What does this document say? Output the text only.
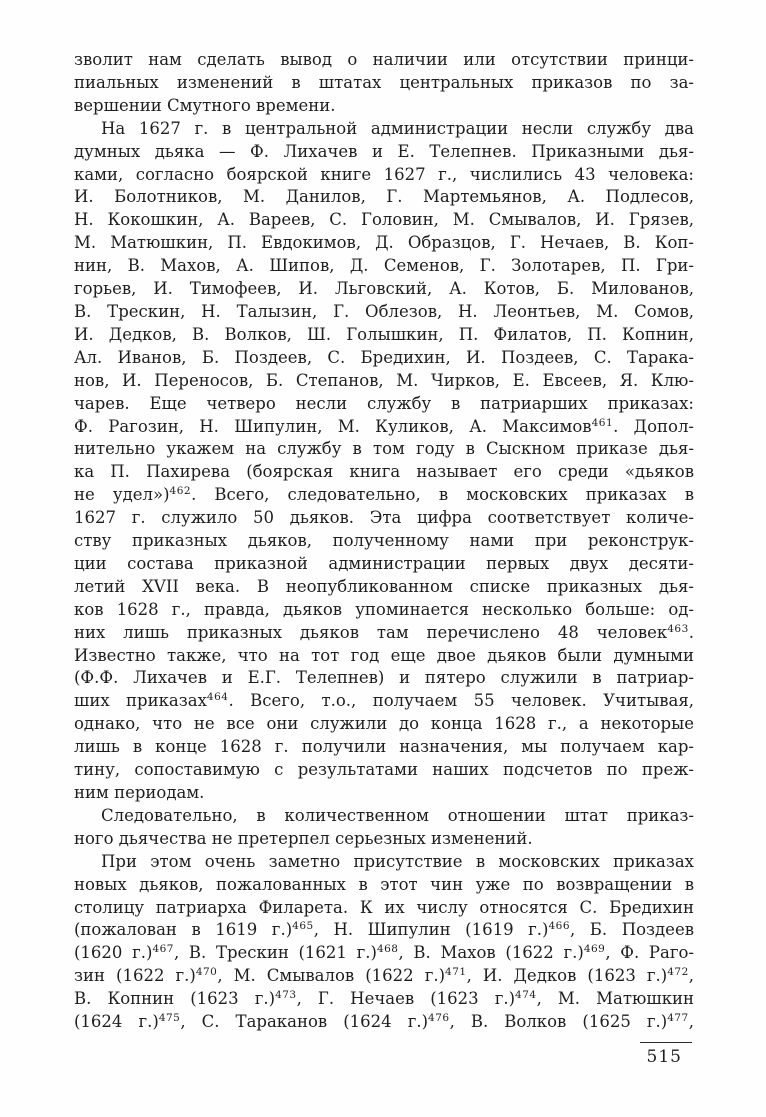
зволит нам сделать вывод о наличии или отсутствии принци-
пиальных изменений в штатах центральных приказов по за-
вершении Смутного времени.
На 1627 г. в центральной администрации несли службу два
думных дьяка — Ф. Лихачев и Е. Телепнев. Приказными дья-
ками, согласно боярской книге 1627 г., числились 43 человека:
И. Болотников, М. Данилов, Г. Мартемьянов, А. Подлесов,
Н. Кокошкин, А. Вареев, С. Головин, М. Смывалов, И. Грязев,
М. Матюшкин, П. Евдокимов, Д. Образцов, Г. Нечаев, В. Коп-
нин, В. Махов, А. Шипов, Д. Семенов, Г. Золотарев, П. Гри-
горьев, И. Тимофеев, И. Льговский, А. Котов, Б. Милованов,
В. Трескин, Н. Талызин, Г. Облезов, Н. Леонтьев, М. Сомов,
И. Дедков, В. Волков, Ш. Голышкин, П. Филатов, П. Копнин,
Ал. Иванов, Б. Поздеев, С. Бредихин, И. Поздеев, С. Тарака-
нов, И. Переносов, Б. Степанов, М. Чирков, Е. Евсеев, Я. Клю-
чарев. Еще четверо несли службу в патриарших приказах:
Ф. Рагозин, Н. Шипулин, М. Куликов, А. Максимов$^{461}$. Допол-
нительно укажем на службу в том году в Сыскном приказе дья-
ка П. Пахирева (боярская книга называет его среди «дьяков
не удел»)$^{462}$. Всего, следовательно, в московских приказах в
1627 г. служило 50 дьяков. Эта цифра соответствует количе-
ству приказных дьяков, полученному нами при реконструк-
ции состава приказной администрации первых двух десяти-
летий XVII века. В неопубликованном списке приказных дья-
ков 1628 г., правда, дьяков упоминается несколько больше: од-
них лишь приказных дьяков там перечислено 48 человек$^{463}$.
Известно также, что на тот год еще двое дьяков были думными
(Ф.Ф. Лихачев и Е.Г. Телепнев) и пятеро служили в патриар-
ших приказах$^{464}$. Всего, т.о., получаем 55 человек. Учитывая,
однако, что не все они служили до конца 1628 г., а некоторые
лишь в конце 1628 г. получили назначения, мы получаем кар-
тину, сопоставимую с результатами наших подсчетов по преж-
ним периодам.
Следовательно, в количественном отношении штат приказ-
ного дьячества не претерпел серьезных изменений.
При этом очень заметно присутствие в московских приказах
новых дьяков, пожалованных в этот чин уже по возвращении в
столицу патриарха Филарета. К их числу относятся С. Бредихин
(пожалован в 1619 г.)$^{465}$, Н. Шипулин (1619 г.)$^{466}$, Б. Поздеев
(1620 г.)$^{467}$, В. Трескин (1621 г.)$^{468}$, В. Махов (1622 г.)$^{469}$, Ф. Раго-
зин (1622 г.)$^{470}$, М. Смывалов (1622 г.)$^{471}$, И. Дедков (1623 г.)$^{472}$,
В. Копнин (1623 г.)$^{473}$, Г. Нечаев (1623 г.)$^{474}$, М. Матюшкин
(1624 г.)$^{475}$, С. Тараканов (1624 г.)$^{476}$, В. Волков (1625 г.)$^{477}$,
515
